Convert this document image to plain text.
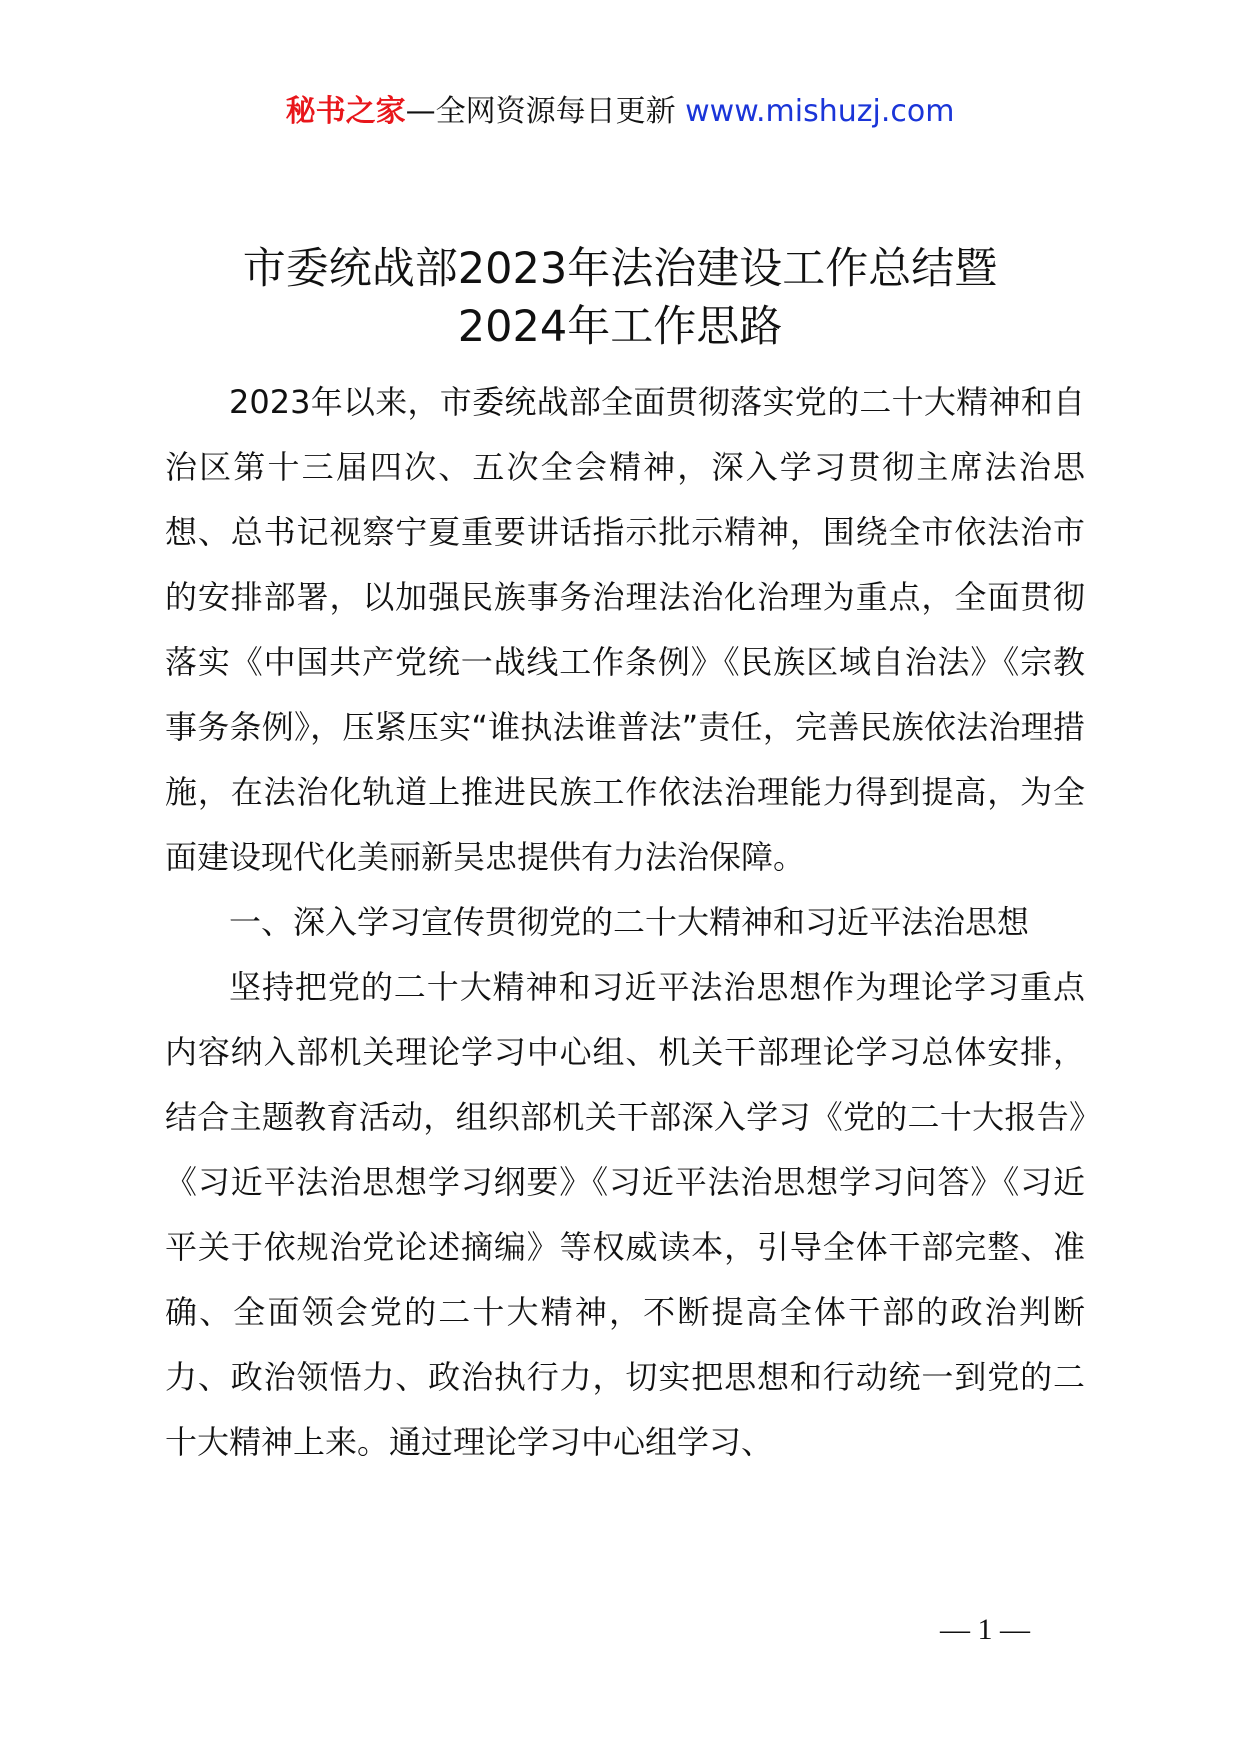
秘书之家—全网资源每日更新 www.mishuzj.com
市委统战部2023年法治建设工作总结暨
2024年工作思路

2023年以来，市委统战部全面贯彻落实党的二十大精神和自治区第十三届四次、五次全会精神，深入学习贯彻主席法治思想、总书记视察宁夏重要讲话指示批示精神，围绕全市依法治市的安排部署，以加强民族事务治理法治化治理为重点，全面贯彻落实《中国共产党统一战线工作条例》《民族区域自治法》《宗教事务条例》，压紧压实“谁执法谁普法”责任，完善民族依法治理措施，在法治化轨道上推进民族工作依法治理能力得到提高，为全面建设现代化美丽新吴忠提供有力法治保障。

一、深入学习宣传贯彻党的二十大精神和习近平法治思想

坚持把党的二十大精神和习近平法治思想作为理论学习重点内容纳入部机关理论学习中心组、机关干部理论学习总体安排，结合主题教育活动，组织部机关干部深入学习《党的二十大报告》《习近平法治思想学习纲要》《习近平法治思想学习问答》《习近平关于依规治党论述摘编》等权威读本，引导全体干部完整、准确、全面领会党的二十大精神，不断提高全体干部的政治判断力、政治领悟力、政治执行力，切实把思想和行动统一到党的二十大精神上来。通过理论学习中心组学习、

— 1 —
